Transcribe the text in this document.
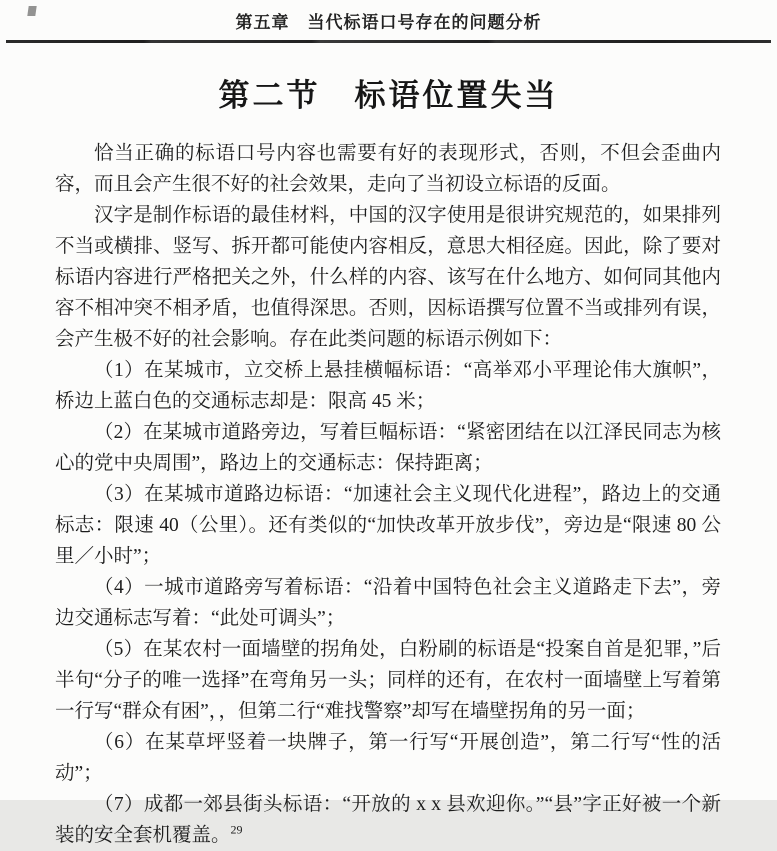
第五章　当代标语口号存在的问题分析
第二节　标语位置失当

恰当正确的标语口号内容也需要有好的表现形式，否则，不但会歪曲内容，而且会产生很不好的社会效果，走向了当初设立标语的反面。

汉字是制作标语的最佳材料，中国的汉字使用是很讲究规范的，如果排列不当或横排、竖写、拆开都可能使内容相反，意思大相径庭。因此，除了要对标语内容进行严格把关之外，什么样的内容、该写在什么地方、如何同其他内容不相冲突不相矛盾，也值得深思。否则，因标语撰写位置不当或排列有误，会产生极不好的社会影响。存在此类问题的标语示例如下：

（1）在某城市，立交桥上悬挂横幅标语：“高举邓小平理论伟大旗帜”，桥边上蓝白色的交通标志却是：限高 45 米；

（2）在某城市道路旁边，写着巨幅标语：“紧密团结在以江泽民同志为核心的党中央周围”，路边上的交通标志：保持距离；

（3）在某城市道路边标语：“加速社会主义现代化进程”，路边上的交通标志：限速 40（公里）。还有类似的“加快改革开放步伐”，旁边是“限速 80 公里／小时”；

（4）一城市道路旁写着标语：“沿着中国特色社会主义道路走下去”，旁边交通标志写着：“此处可调头”；

（5）在某农村一面墙壁的拐角处，白粉刷的标语是“投案自首是犯罪，”后半句“分子的唯一选择”在弯角另一头；同样的还有，在农村一面墙壁上写着第一行写“群众有困”，，但第二行“难找警察”却写在墙壁拐角的另一面；

（6）在某草坪竖着一块牌子，第一行写“开展创造”，第二行写“性的活动”；

（7）成都一郊县街头标语：“开放的 x x 县欢迎你。”“县”字正好被一个新装的安全套机覆盖。$^{29}$
